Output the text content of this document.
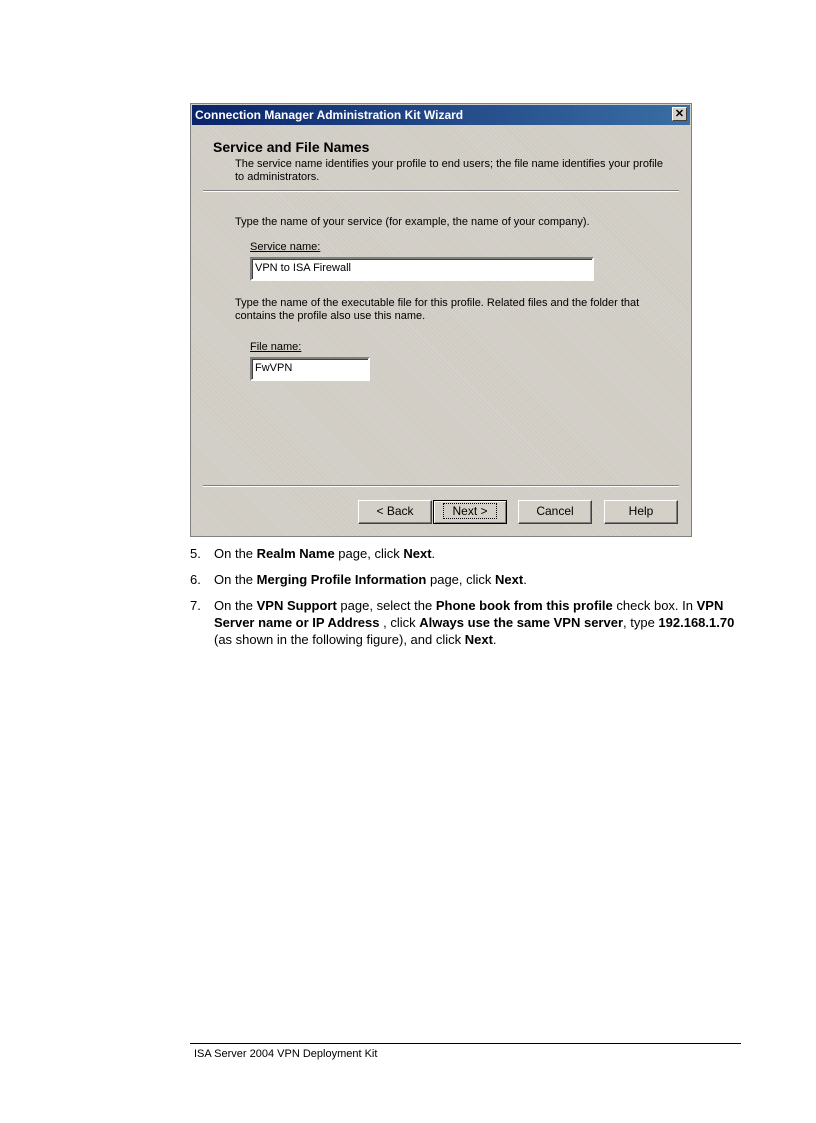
Connection Manager Administration Kit Wizard	✕
Service and File Names
The service name identifies your profile to end users; the file name identifies your profile to administrators.
Type the name of your service (for example, the name of your company).
Service name:
VPN to ISA Firewall
Type the name of the executable file for this profile. Related files and the folder that contains the profile also use this name.
File name:
FwVPN
< Back	Next >	Cancel	Help
5. On the Realm Name page, click Next.
6. On the Merging Profile Information page, click Next.
7. On the VPN Support page, select the Phone book from this profile check box. In VPN Server name or IP Address , click Always use the same VPN server, type 192.168.1.70 (as shown in the following figure), and click Next.
ISA Server 2004 VPN Deployment Kit
